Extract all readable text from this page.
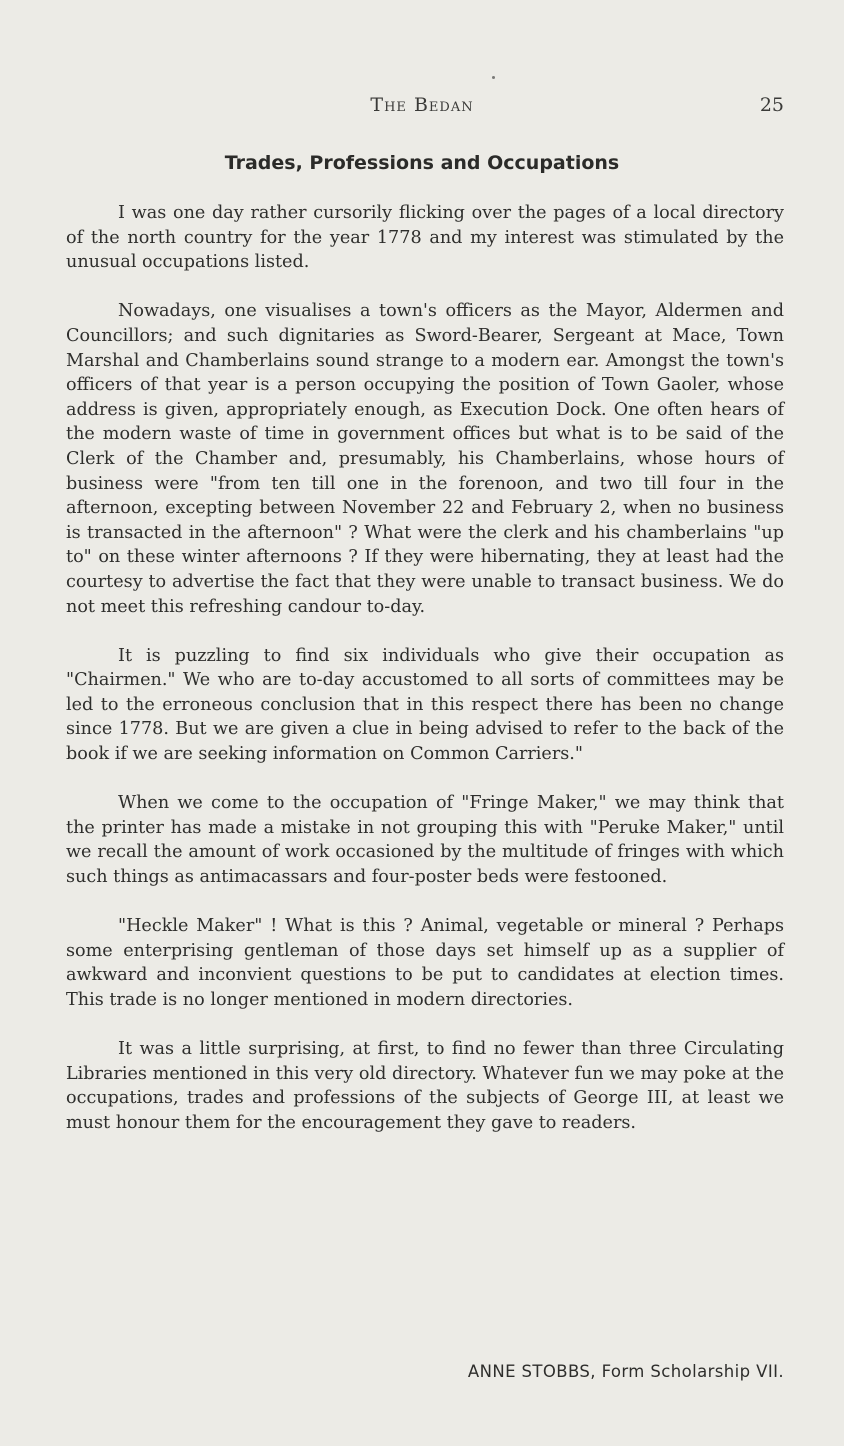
The Bedan	25
Trades, Professions and Occupations

I was one day rather cursorily flicking over the pages of a local directory of the north country for the year 1778 and my interest was stimulated by the unusual occupations listed.

Nowadays, one visualises a town's officers as the Mayor, Aldermen and Councillors; and such dignitaries as Sword-Bearer, Sergeant at Mace, Town Marshal and Chamberlains sound strange to a modern ear. Amongst the town's officers of that year is a person occupying the position of Town Gaoler, whose address is given, appropriately enough, as Execution Dock. One often hears of the modern waste of time in government offices but what is to be said of the Clerk of the Chamber and, presumably, his Chamberlains, whose hours of business were "from ten till one in the forenoon, and two till four in the afternoon, excepting between November 22 and February 2, when no business is transacted in the afternoon" ? What were the clerk and his chamberlains "up to" on these winter afternoons ? If they were hibernating, they at least had the courtesy to advertise the fact that they were unable to transact business. We do not meet this refreshing candour to-day.

It is puzzling to find six individuals who give their occupation as "Chairmen." We who are to-day accustomed to all sorts of committees may be led to the erroneous conclusion that in this respect there has been no change since 1778. But we are given a clue in being advised to refer to the back of the book if we are seeking information on Common Carriers."

When we come to the occupation of "Fringe Maker," we may think that the printer has made a mistake in not grouping this with "Peruke Maker," until we recall the amount of work occasioned by the multitude of fringes with which such things as antimacassars and four-poster beds were festooned.

"Heckle Maker" ! What is this ? Animal, vegetable or mineral ? Perhaps some enterprising gentleman of those days set himself up as a supplier of awkward and inconvient questions to be put to candidates at election times. This trade is no longer mentioned in modern directories.

It was a little surprising, at first, to find no fewer than three Circulating Libraries mentioned in this very old directory. Whatever fun we may poke at the occupations, trades and professions of the subjects of George III, at least we must honour them for the encouragement they gave to readers.

ANNE STOBBS, Form Scholarship VII.
